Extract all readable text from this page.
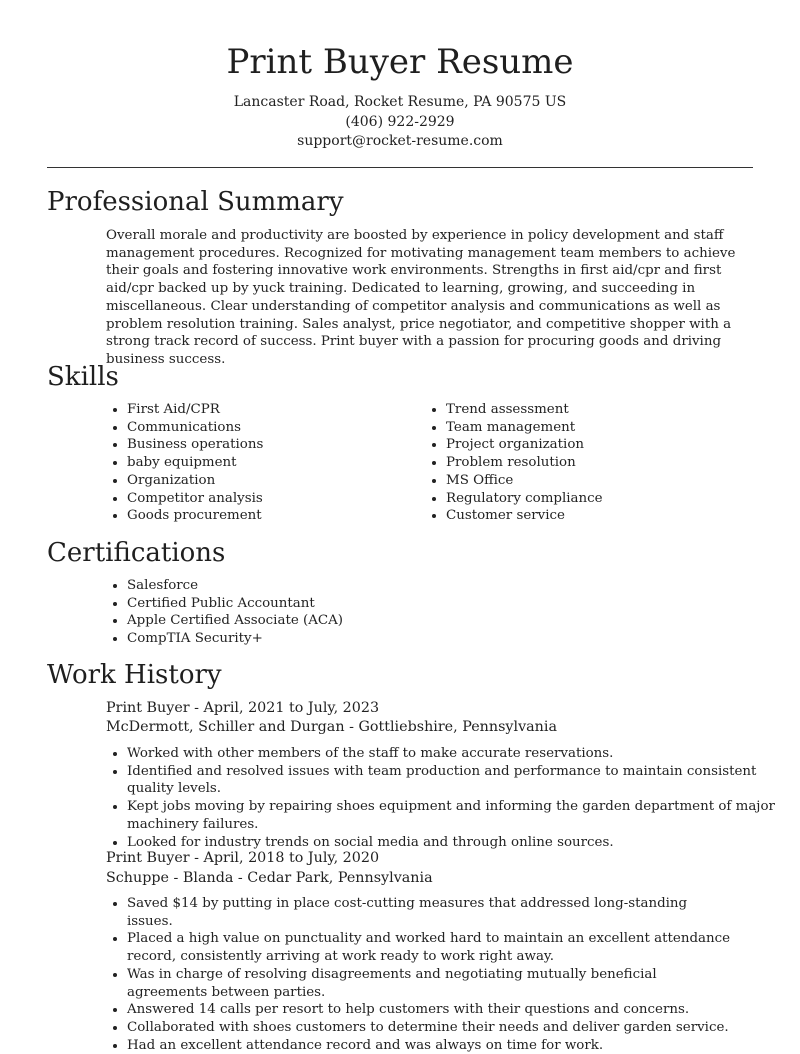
Print Buyer Resume
Lancaster Road, Rocket Resume, PA 90575 US
(406) 922-2929
support@rocket-resume.com
Professional Summary

Overall morale and productivity are boosted by experience in policy development and staff management procedures. Recognized for motivating management team members to achieve their goals and fostering innovative work environments. Strengths in first aid/cpr and first aid/cpr backed up by yuck training. Dedicated to learning, growing, and succeeding in miscellaneous. Clear understanding of competitor analysis and communications as well as problem resolution training. Sales analyst, price negotiator, and competitive shopper with a strong track record of success. Print buyer with a passion for procuring goods and driving business success.

Skills
• First Aid/CPR
• Communications
• Business operations
• baby equipment
• Organization
• Competitor analysis
• Goods procurement
• Trend assessment
• Team management
• Project organization
• Problem resolution
• MS Office
• Regulatory compliance
• Customer service
Certifications
• Salesforce
• Certified Public Accountant
• Apple Certified Associate (ACA)
• CompTIA Security+
Work History
Print Buyer - April, 2021 to July, 2023
McDermott, Schiller and Durgan - Gottliebshire, Pennsylvania
• Worked with other members of the staff to make accurate reservations.
• Identified and resolved issues with team production and performance to maintain consistent quality levels.
• Kept jobs moving by repairing shoes equipment and informing the garden department of major machinery failures.
• Looked for industry trends on social media and through online sources.
Print Buyer - April, 2018 to July, 2020
Schuppe - Blanda - Cedar Park, Pennsylvania
• Saved $14 by putting in place cost-cutting measures that addressed long-standing issues.
• Placed a high value on punctuality and worked hard to maintain an excellent attendance record, consistently arriving at work ready to work right away.
• Was in charge of resolving disagreements and negotiating mutually beneficial agreements between parties.
• Answered 14 calls per resort to help customers with their questions and concerns.
• Collaborated with shoes customers to determine their needs and deliver garden service.
• Had an excellent attendance record and was always on time for work.
